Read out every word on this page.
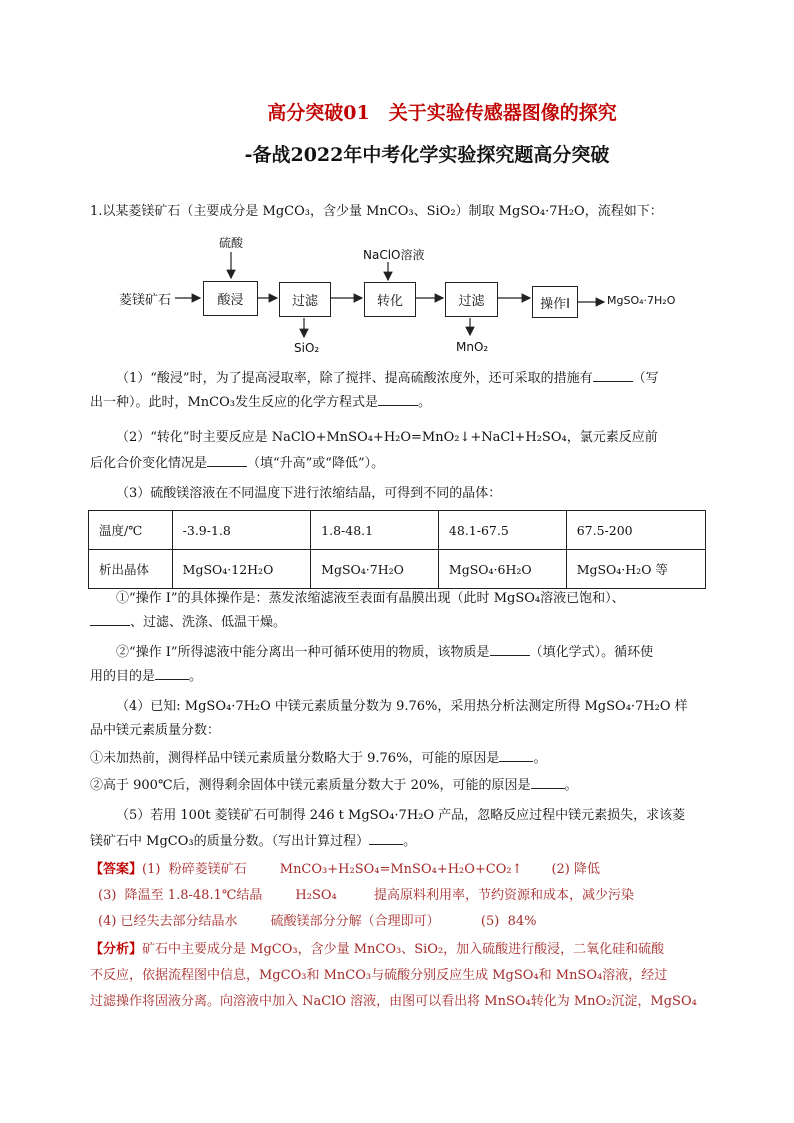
高分突破01　关于实验传感器图像的探究
-备战2022年中考化学实验探究题高分突破
1.以某菱镁矿石（主要成分是 MgCO₃，含少量 MnCO₃、SiO₂）制取 MgSO₄·7H₂O，流程如下：
菱镁矿石
硫酸
酸浸	过滤
SiO₂
NaClO溶液
转化	过滤
MnO₂
操作I	MgSO₄·7H₂O
（1）“酸浸”时，为了提高浸取率，除了搅拌、提高硫酸浓度外，还可采取的措施有	（写
出一种）。此时，MnCO₃发生反应的化学方程式是	。
（2）“转化”时主要反应是 NaClO+MnSO₄+H₂O=MnO₂↓+NaCl+H₂SO₄，氯元素反应前
后化合价变化情况是	（填“升高”或“降低”）。
（3）硫酸镁溶液在不同温度下进行浓缩结晶，可得到不同的晶体：
温度/℃	-3.9-1.8	1.8-48.1	48.1-67.5	67.5-200
析出晶体	MgSO₄·12H₂O	MgSO₄·7H₂O	MgSO₄·6H₂O	MgSO₄·H₂O 等
①“操作 I”的具体操作是：蒸发浓缩滤液至表面有晶膜出现（此时 MgSO₄溶液已饱和）、
、过滤、洗涤、低温干燥。
②“操作 I”所得滤液中能分离出一种可循环使用的物质，该物质是	（填化学式）。循环使
用的目的是	。
（4）已知: MgSO₄·7H₂O 中镁元素质量分数为 9.76%，采用热分析法测定所得 MgSO₄·7H₂O 样
品中镁元素质量分数：
①未加热前，测得样品中镁元素质量分数略大于 9.76%，可能的原因是	。
②高于 900℃后，测得剩余固体中镁元素质量分数大于 20%，可能的原因是	。
（5）若用 100t 菱镁矿石可制得 246 t MgSO₄·7H₂O 产品，忽略反应过程中镁元素损失，求该菱
镁矿石中 MgCO₃的质量分数。（写出计算过程）	。
【答案】(1)  粉碎菱镁矿石        MnCO₃+H₂SO₄=MnSO₄+H₂O+CO₂↑       (2) 降低
(3)  降温至 1.8-48.1℃结晶        H₂SO₄         提高原料利用率，节约资源和成本，减少污染
(4) 已经失去部分结晶水        硫酸镁部分分解（合理即可）          (5)  84%
【分析】矿石中主要成分是 MgCO₃，含少量 MnCO₃、SiO₂，加入硫酸进行酸浸，二氧化硅和硫酸
不反应，依据流程图中信息，MgCO₃和 MnCO₃与硫酸分别反应生成 MgSO₄和 MnSO₄溶液，经过
过滤操作将固液分离。向溶液中加入 NaClO 溶液，由图可以看出将 MnSO₄转化为 MnO₂沉淀，MgSO₄
